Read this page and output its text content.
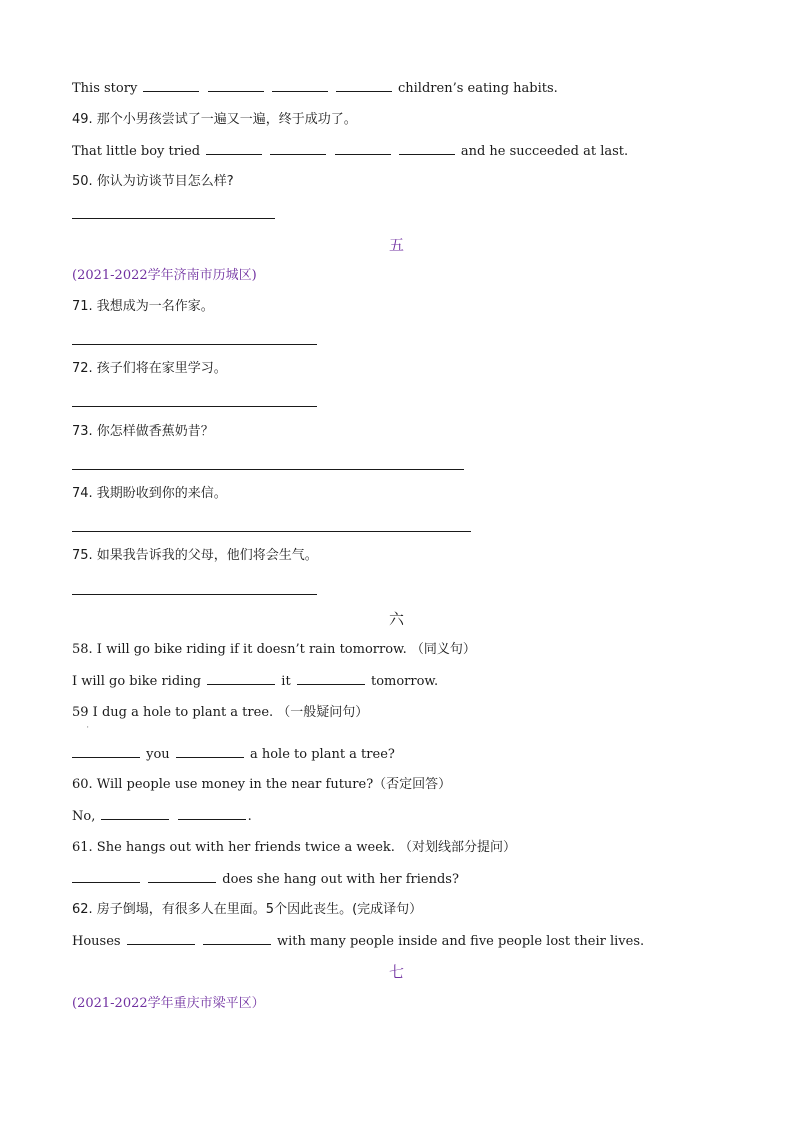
This story	children’s eating habits.
49. 那个小男孩尝试了一遍又一遍，终于成功了。
That little boy tried	and he succeeded at last.
50. 你认为访谈节目怎么样?
五
(2021-2022学年济南市历城区)
71. 我想成为一名作家。
72. 孩子们将在家里学习。
73. 你怎样做香蕉奶昔？
74. 我期盼收到你的来信。
75. 如果我告诉我的父母，他们将会生气。
六
58. I will go bike riding if it doesn’t rain tomorrow. （同义句）
I will go bike riding	it	tomorrow.
59 I dug a hole to plant a tree. （一般疑问句）
'
you	a hole to plant a tree?
60. Will people use money in the near future?（否定回答）
No,	.
61. She hangs out with her friends twice a week. （对划线部分提问）
does she hang out with her friends?
62. 房子倒塌，有很多人在里面。5个因此丧生。(完成译句）
Houses	with many people inside and five people lost their lives.
七
(2021-2022学年重庆市梁平区）
